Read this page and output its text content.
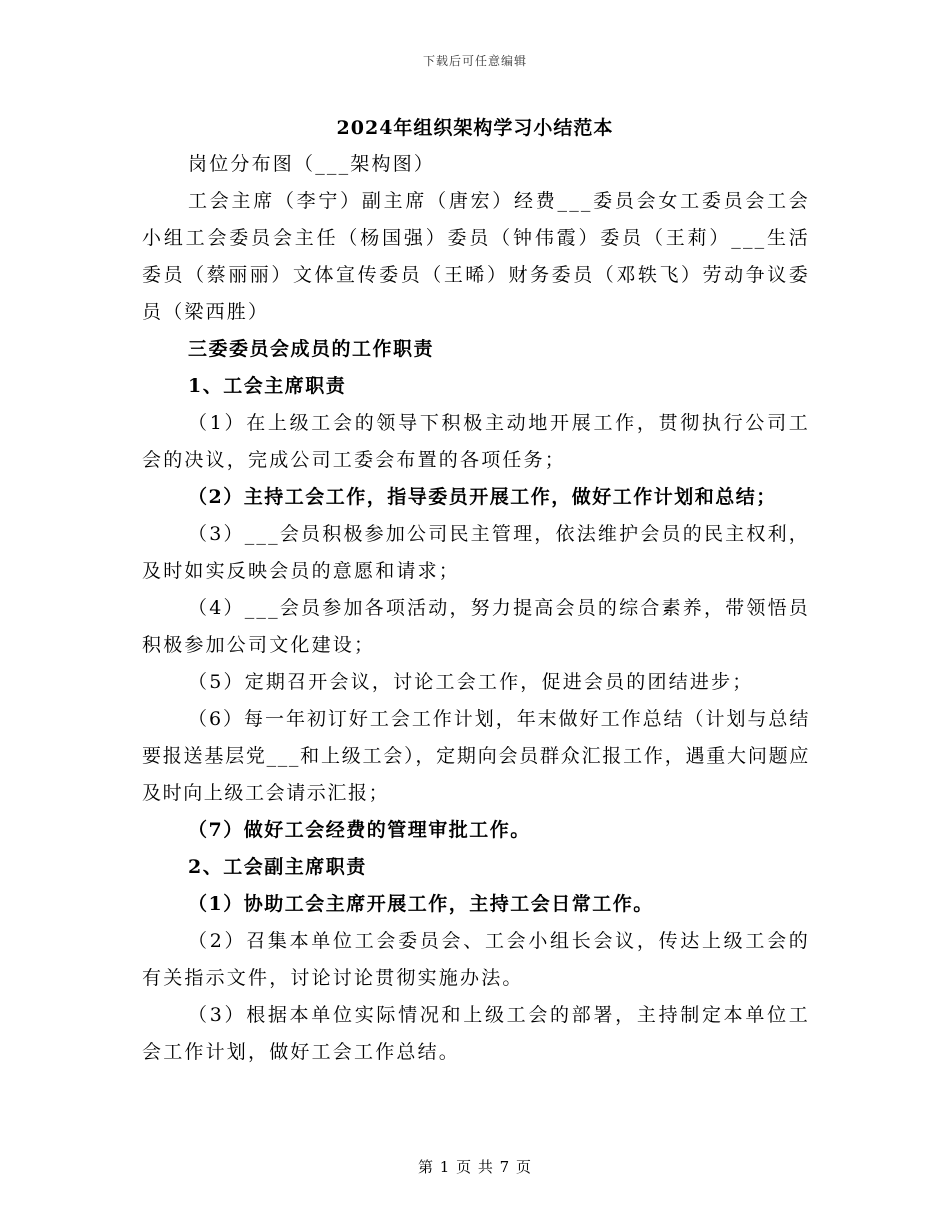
下载后可任意编辑
2024年组织架构学习小结范本

岗位分布图（___架构图）

工会主席（李宁）副主席（唐宏）经费___委员会女工委员会工会小组工会委员会主任（杨国强）委员（钟伟霞）委员（王莉）___生活委员（蔡丽丽）文体宣传委员（王晞）财务委员（邓轶飞）劳动争议委员（梁西胜）

三委委员会成员的工作职责

1、工会主席职责

（1）在上级工会的领导下积极主动地开展工作，贯彻执行公司工会的决议，完成公司工委会布置的各项任务；

（2）主持工会工作，指导委员开展工作，做好工作计划和总结；

（3）___会员积极参加公司民主管理，依法维护会员的民主权利，及时如实反映会员的意愿和请求；

（4）___会员参加各项活动，努力提高会员的综合素养，带领悟员积极参加公司文化建设；

（5）定期召开会议，讨论工会工作，促进会员的团结进步；

（6）每一年初订好工会工作计划，年末做好工作总结（计划与总结要报送基层党___和上级工会），定期向会员群众汇报工作，遇重大问题应及时向上级工会请示汇报；

（7）做好工会经费的管理审批工作。

2、工会副主席职责

（1）协助工会主席开展工作，主持工会日常工作。

（2）召集本单位工会委员会、工会小组长会议，传达上级工会的有关指示文件，讨论讨论贯彻实施办法。

（3）根据本单位实际情况和上级工会的部署，主持制定本单位工会工作计划，做好工会工作总结。

第 1 页 共 7 页
